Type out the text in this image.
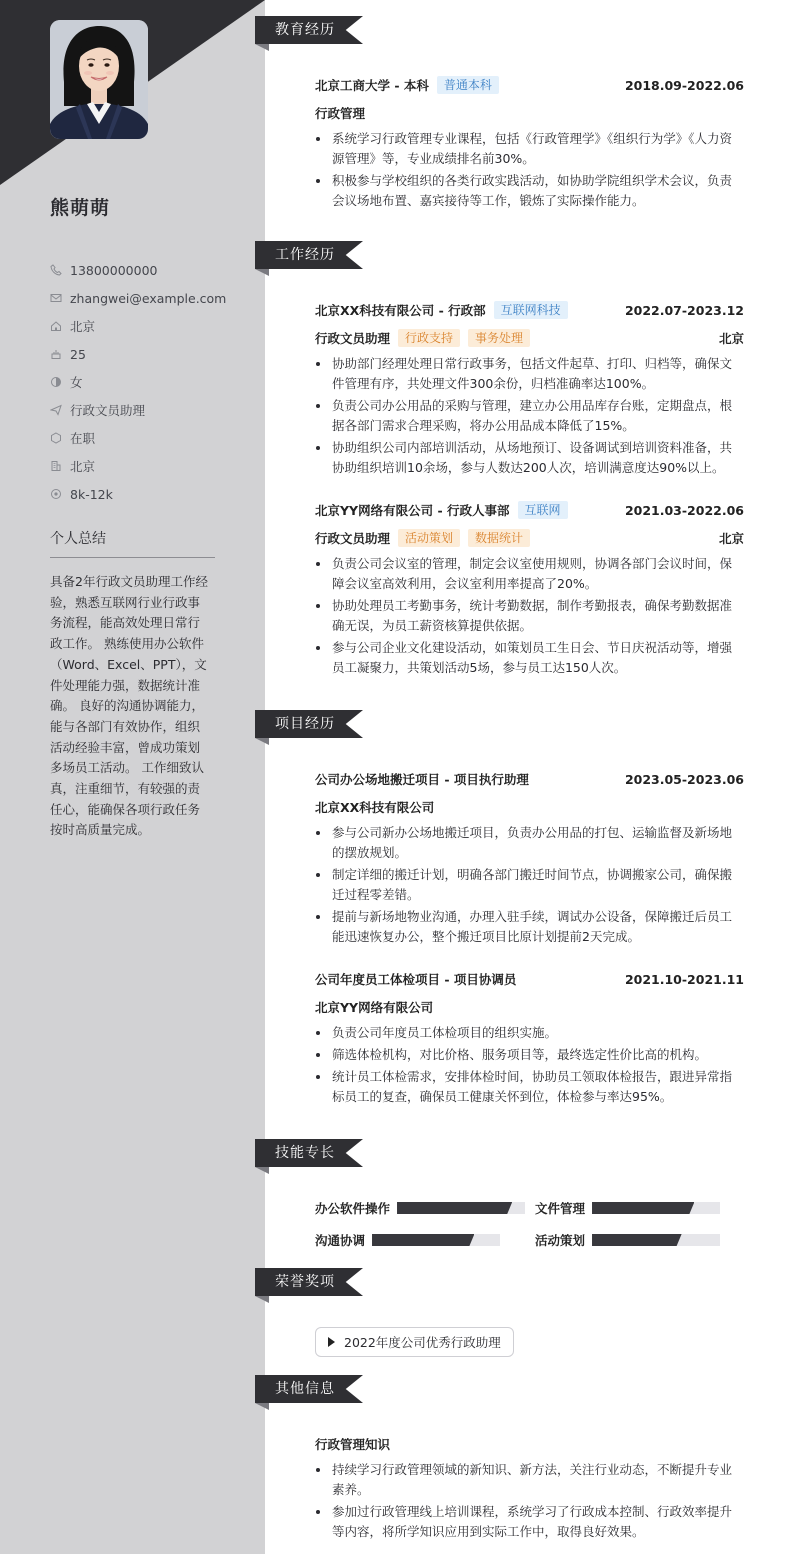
熊萌萌
13800000000
zhangwei@example.com
北京
25
女
行政文员助理
在职
北京
8k-12k
个人总结
具备2年行政文员助理工作经验，熟悉互联网行业行政事务流程，能高效处理日常行政工作。 熟练使用办公软件（Word、Excel、PPT），文件处理能力强，数据统计准确。 良好的沟通协调能力，能与各部门有效协作，组织活动经验丰富，曾成功策划多场员工活动。 工作细致认真，注重细节，有较强的责任心，能确保各项行政任务按时高质量完成。
教育经历
北京工商大学 - 本科	普通本科	2018.09-2022.06
行政管理
系统学习行政管理专业课程，包括《行政管理学》《组织行为学》《人力资源管理》等，专业成绩排名前30%。
积极参与学校组织的各类行政实践活动，如协助学院组织学术会议，负责会议场地布置、嘉宾接待等工作，锻炼了实际操作能力。
工作经历
北京XX科技有限公司 - 行政部	互联网科技	2022.07-2023.12
行政文员助理	行政支持	事务处理	北京
协助部门经理处理日常行政事务，包括文件起草、打印、归档等，确保文件管理有序，共处理文件300余份，归档准确率达100%。
负责公司办公用品的采购与管理，建立办公用品库存台账，定期盘点，根据各部门需求合理采购，将办公用品成本降低了15%。
协助组织公司内部培训活动，从场地预订、设备调试到培训资料准备，共协助组织培训10余场，参与人数达200人次，培训满意度达90%以上。
北京YY网络有限公司 - 行政人事部	互联网	2021.03-2022.06
行政文员助理	活动策划	数据统计	北京
负责公司会议室的管理，制定会议室使用规则，协调各部门会议时间，保障会议室高效利用，会议室利用率提高了20%。
协助处理员工考勤事务，统计考勤数据，制作考勤报表，确保考勤数据准确无误，为员工薪资核算提供依据。
参与公司企业文化建设活动，如策划员工生日会、节日庆祝活动等，增强员工凝聚力，共策划活动5场，参与员工达150人次。
项目经历
公司办公场地搬迁项目 - 项目执行助理	2023.05-2023.06
北京XX科技有限公司
参与公司新办公场地搬迁项目，负责办公用品的打包、运输监督及新场地的摆放规划。
制定详细的搬迁计划，明确各部门搬迁时间节点，协调搬家公司，确保搬迁过程零差错。
提前与新场地物业沟通，办理入驻手续，调试办公设备，保障搬迁后员工能迅速恢复办公，整个搬迁项目比原计划提前2天完成。
公司年度员工体检项目 - 项目协调员	2021.10-2021.11
北京YY网络有限公司
负责公司年度员工体检项目的组织实施。
筛选体检机构，对比价格、服务项目等，最终选定性价比高的机构。
统计员工体检需求，安排体检时间，协助员工领取体检报告，跟进异常指标员工的复查，确保员工健康关怀到位，体检参与率达95%。
技能专长
办公软件操作	文件管理
沟通协调	活动策划
荣誉奖项
2022年度公司优秀行政助理
其他信息
行政管理知识
持续学习行政管理领域的新知识、新方法，关注行业动态，不断提升专业素养。
参加过行政管理线上培训课程，系统学习了行政成本控制、行政效率提升等内容，将所学知识应用到实际工作中，取得良好效果。
